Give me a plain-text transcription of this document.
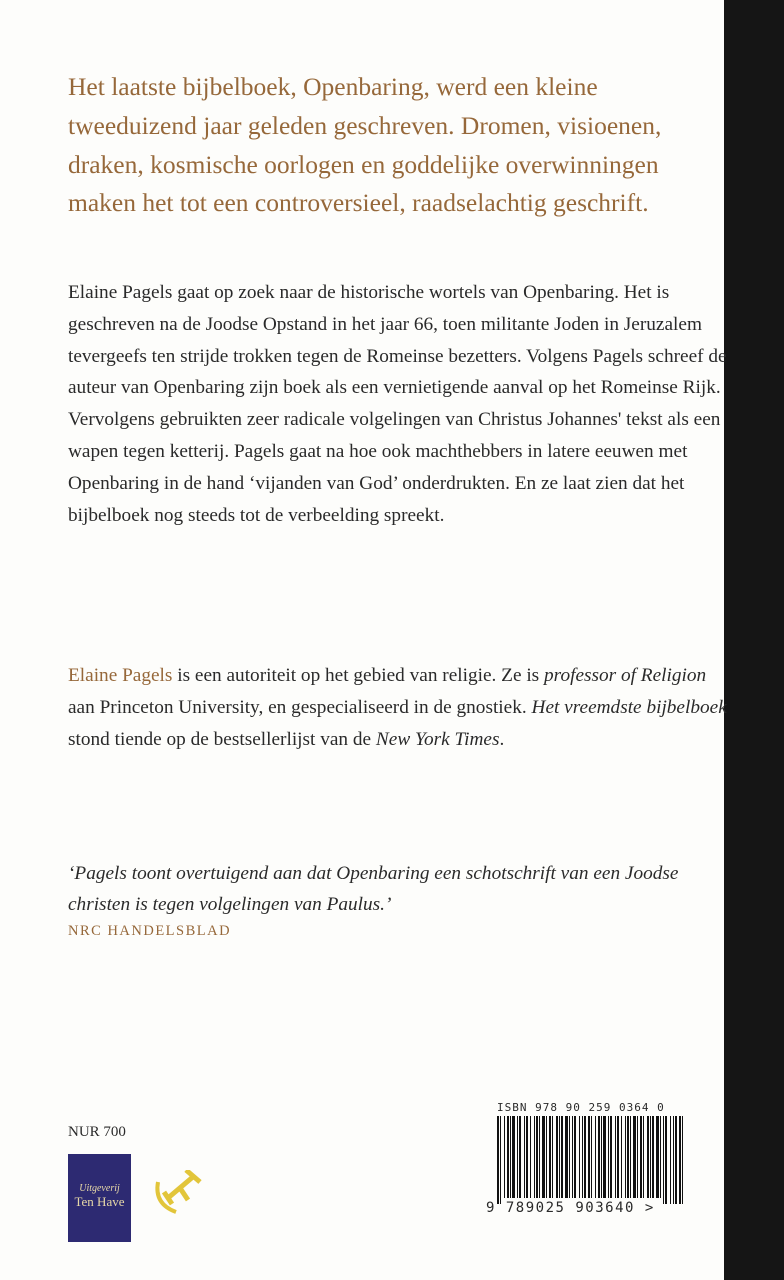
Het laatste bijbelboek, Openbaring, werd een kleine tweeduizend jaar geleden geschreven. Dromen, visioenen, draken, kosmische oorlogen en goddelijke overwinningen maken het tot een controversieel, raadselachtig geschrift.

Elaine Pagels gaat op zoek naar de historische wortels van Openbaring. Het is geschreven na de Joodse Opstand in het jaar 66, toen militante Joden in Jeruzalem tevergeefs ten strijde trokken tegen de Romeinse bezetters. Volgens Pagels schreef de auteur van Openbaring zijn boek als een vernietigende aanval op het Romeinse Rijk.

Vervolgens gebruikten zeer radicale volgelingen van Christus Johannes' tekst als een wapen tegen ketterij. Pagels gaat na hoe ook machthebbers in latere eeuwen met Openbaring in de hand ‘vijanden van God’ onderdrukten. En ze laat zien dat het bijbelboek nog steeds tot de verbeelding spreekt.

Elaine Pagels is een autoriteit op het gebied van religie. Ze is professor of Religion aan Princeton University, en gespecialiseerd in de gnostiek. Het vreemdste bijbelboek stond tiende op de bestsellerlijst van de New York Times.

‘Pagels toont overtuigend aan dat Openbaring een schotschrift van een Joodse christen is tegen volgelingen van Paulus.’

NRC HANDELSBLAD
NUR 700
Uitgeverij
Ten Have
ISBN 978 90 259 0364 0
9 789025 903640 >
